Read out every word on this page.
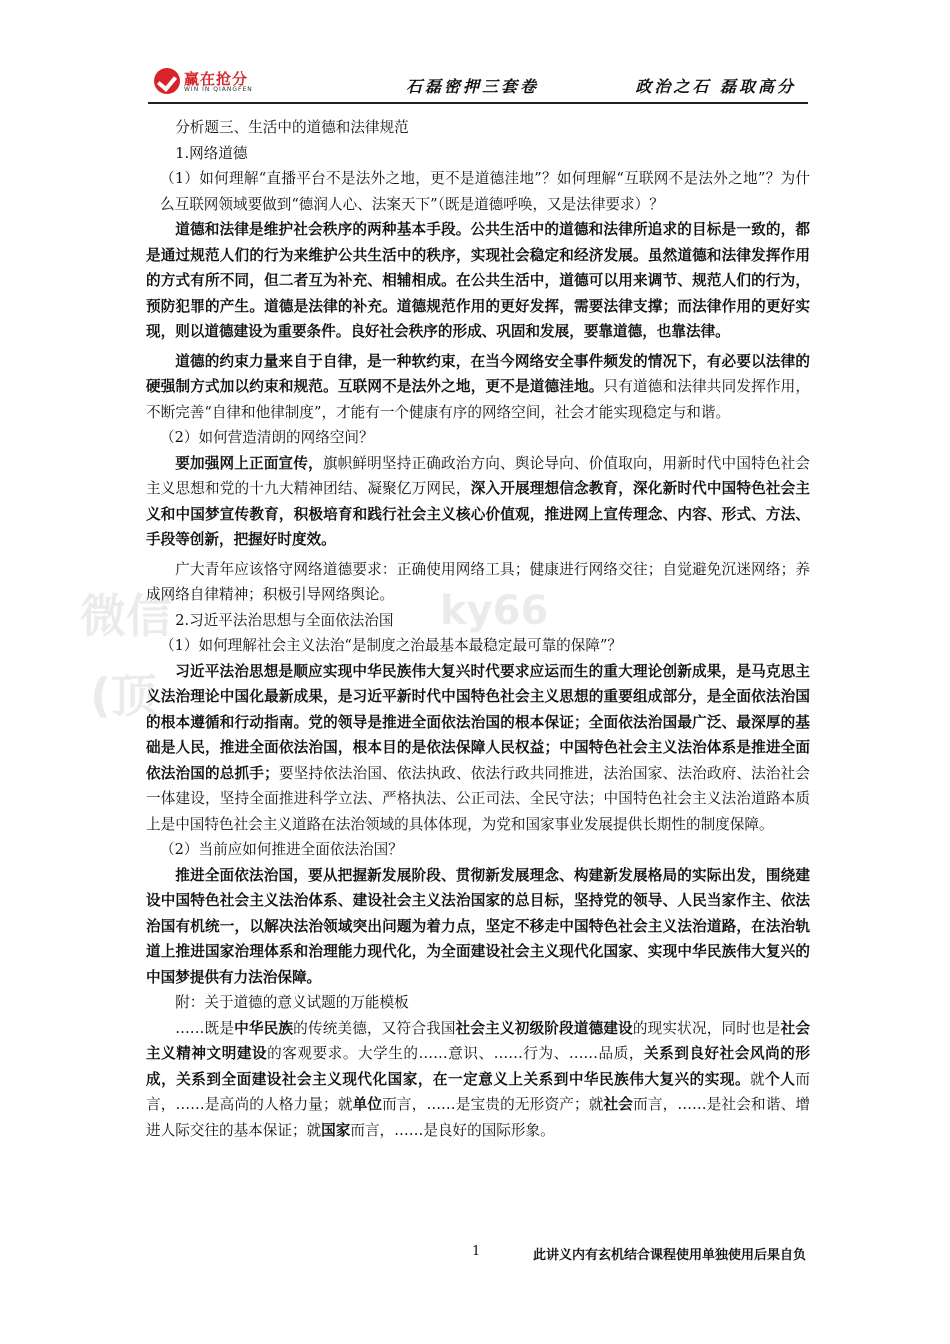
赢在抢分
WIN IN QIANGFEN	石磊密押三套卷	政治之石 磊取高分
微信	ky66
(顶

分析题三、生活中的道德和法律规范

1.网络道德

（1）如何理解“直播平台不是法外之地，更不是道德洼地”？如何理解“互联网不是法外之地”？为什么互联网领域要做到“德润人心、法案天下”（既是道德呼唤，又是法律要求）？

道德和法律是维护社会秩序的两种基本手段。公共生活中的道德和法律所追求的目标是一致的，都是通过规范人们的行为来维护公共生活中的秩序，实现社会稳定和经济发展。虽然道德和法律发挥作用的方式有所不同，但二者互为补充、相辅相成。在公共生活中，道德可以用来调节、规范人们的行为，预防犯罪的产生。道德是法律的补充。道德规范作用的更好发挥，需要法律支撑；而法律作用的更好实现，则以道德建设为重要条件。良好社会秩序的形成、巩固和发展，要靠道德，也靠法律。

道德的约束力量来自于自律，是一种软约束，在当今网络安全事件频发的情况下，有必要以法律的硬强制方式加以约束和规范。互联网不是法外之地，更不是道德洼地。只有道德和法律共同发挥作用，不断完善“自律和他律制度”，才能有一个健康有序的网络空间，社会才能实现稳定与和谐。

（2）如何营造清朗的网络空间？

要加强网上正面宣传，旗帜鲜明坚持正确政治方向、舆论导向、价值取向，用新时代中国特色社会主义思想和党的十九大精神团结、凝聚亿万网民，深入开展理想信念教育，深化新时代中国特色社会主义和中国梦宣传教育，积极培育和践行社会主义核心价值观，推进网上宣传理念、内容、形式、方法、手段等创新，把握好时度效。

广大青年应该恪守网络道德要求：正确使用网络工具；健康进行网络交往；自觉避免沉迷网络；养成网络自律精神；积极引导网络舆论。

2.习近平法治思想与全面依法治国

（1）如何理解社会主义法治“是制度之治最基本最稳定最可靠的保障”？

习近平法治思想是顺应实现中华民族伟大复兴时代要求应运而生的重大理论创新成果，是马克思主义法治理论中国化最新成果，是习近平新时代中国特色社会主义思想的重要组成部分，是全面依法治国的根本遵循和行动指南。党的领导是推进全面依法治国的根本保证；全面依法治国最广泛、最深厚的基础是人民，推进全面依法治国，根本目的是依法保障人民权益；中国特色社会主义法治体系是推进全面依法治国的总抓手；要坚持依法治国、依法执政、依法行政共同推进，法治国家、法治政府、法治社会一体建设，坚持全面推进科学立法、严格执法、公正司法、全民守法；中国特色社会主义法治道路本质上是中国特色社会主义道路在法治领域的具体体现，为党和国家事业发展提供长期性的制度保障。

（2）当前应如何推进全面依法治国？

推进全面依法治国，要从把握新发展阶段、贯彻新发展理念、构建新发展格局的实际出发，围绕建设中国特色社会主义法治体系、建设社会主义法治国家的总目标，坚持党的领导、人民当家作主、依法治国有机统一，以解决法治领域突出问题为着力点，坚定不移走中国特色社会主义法治道路，在法治轨道上推进国家治理体系和治理能力现代化，为全面建设社会主义现代化国家、实现中华民族伟大复兴的中国梦提供有力法治保障。

附：关于道德的意义试题的万能模板

……既是中华民族的传统美德，又符合我国社会主义初级阶段道德建设的现实状况，同时也是社会主义精神文明建设的客观要求。大学生的……意识、……行为、……品质，关系到良好社会风尚的形成，关系到全面建设社会主义现代化国家，在一定意义上关系到中华民族伟大复兴的实现。就个人而言，……是高尚的人格力量；就单位而言，……是宝贵的无形资产；就社会而言，……是社会和谐、增进人际交往的基本保证；就国家而言，……是良好的国际形象。

1	此讲义内有玄机结合课程使用单独使用后果自负
